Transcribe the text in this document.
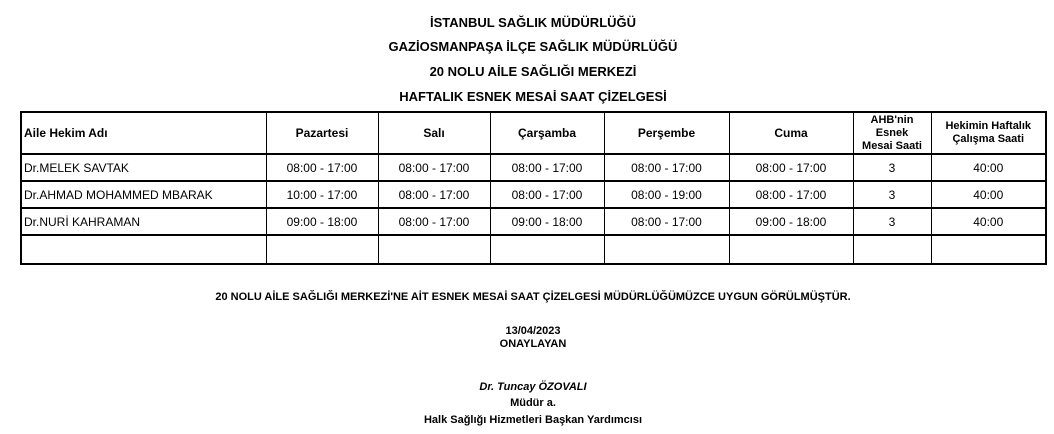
İSTANBUL SAĞLIK MÜDÜRLÜĞÜ
GAZİOSMANPAŞA İLÇE SAĞLIK MÜDÜRLÜĞÜ
20 NOLU AİLE SAĞLIĞI MERKEZİ
HAFTALIK ESNEK MESAİ SAAT ÇİZELGESİ
Aile Hekim Adı	Pazartesi	Salı	Çarşamba	Perşembe	Cuma	AHB'nin
Esnek
Mesai Saati	Hekimin Haftalık
Çalışma Saati
Dr.MELEK SAVTAK	08:00 - 17:00	08:00 - 17:00	08:00 - 17:00	08:00 - 17:00	08:00 - 17:00	3	40:00
Dr.AHMAD MOHAMMED MBARAK	10:00 - 17:00	08:00 - 17:00	08:00 - 17:00	08:00 - 19:00	08:00 - 17:00	3	40:00
Dr.NURİ KAHRAMAN	09:00 - 18:00	08:00 - 17:00	09:00 - 18:00	08:00 - 17:00	09:00 - 18:00	3	40:00

20 NOLU AİLE SAĞLIĞI MERKEZİ'NE AİT ESNEK MESAİ SAAT ÇİZELGESİ MÜDÜRLÜĞÜMÜZCE UYGUN GÖRÜLMÜŞTÜR.
13/04/2023
ONAYLAYAN
Dr. Tuncay ÖZOVALI
Müdür a.
Halk Sağlığı Hizmetleri Başkan Yardımcısı
